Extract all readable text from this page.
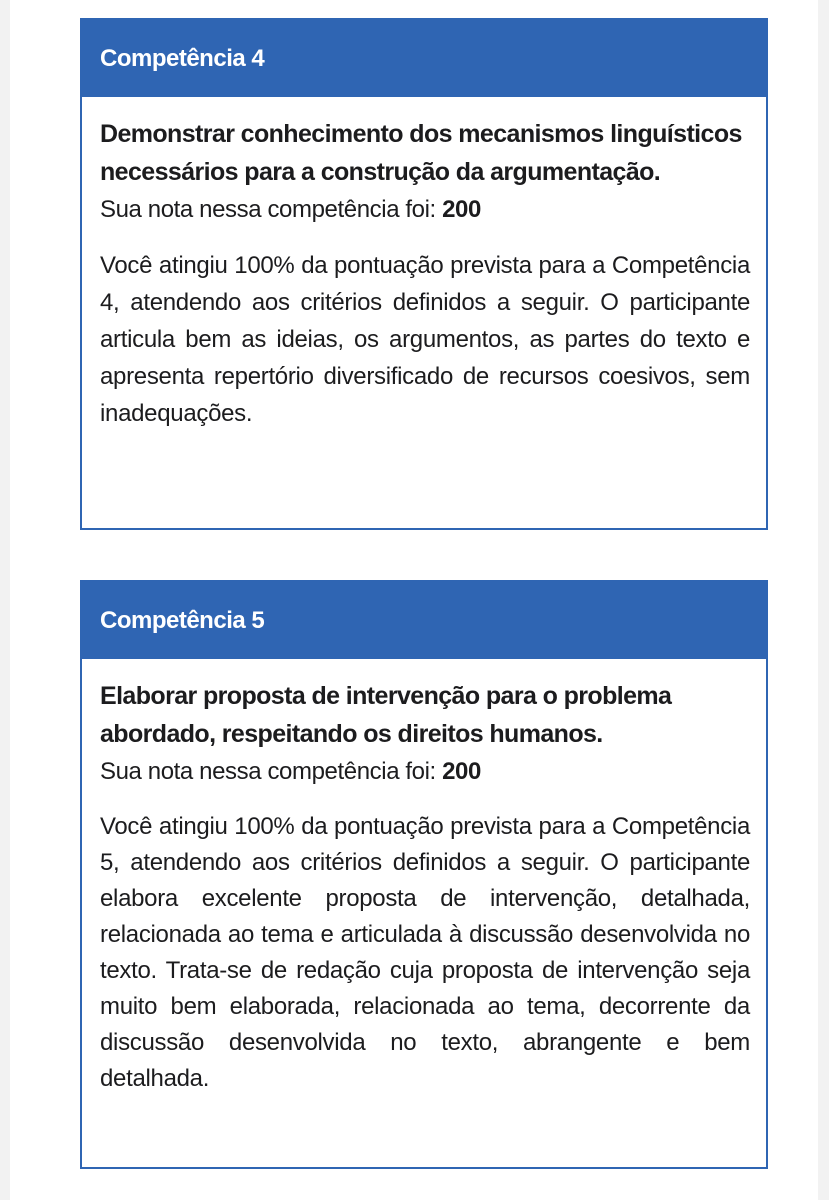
Competência 4

Demonstrar conhecimento dos mecanismos linguísticos necessários para a construção da argumentação.

Sua nota nessa competência foi: 200

Você atingiu 100% da pontuação prevista para a Competência 4, atendendo aos critérios definidos a seguir. O participante articula bem as ideias, os argumentos, as partes do texto e apresenta repertório diversificado de recursos coesivos, sem inadequações.

Competência 5

Elaborar proposta de intervenção para o problema abordado, respeitando os direitos humanos.

Sua nota nessa competência foi: 200

Você atingiu 100% da pontuação prevista para a Competência 5, atendendo aos critérios definidos a seguir. O participante elabora excelente proposta de intervenção, detalhada, relacionada ao tema e articulada à discussão desenvolvida no texto. Trata-se de redação cuja proposta de intervenção seja muito bem elaborada, relacionada ao tema, decorrente da discussão desenvolvida no texto, abrangente e bem detalhada.
